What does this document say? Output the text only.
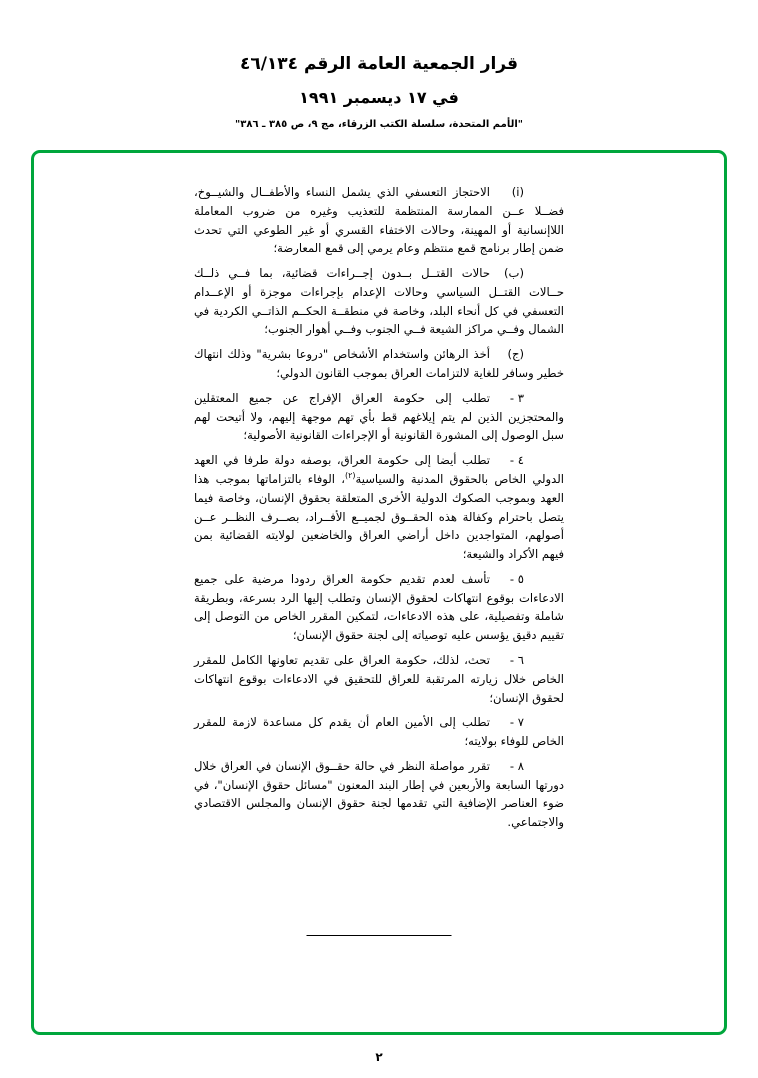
قرار الجمعية العامة الرقم ٤٦/١٣٤
في ١٧ ديسمبر ١٩٩١
"الأمم المتحدة، سلسلة الكتب الزرقاء، مج ٩، ص ٣٨٥ ـ ٣٨٦"

(i)الاحتجاز التعسفي الذي يشمل النساء والأطفــال والشيــوخ، فضــلا عــن الممارسة المنتظمة للتعذيب وغيره من ضروب المعاملة اللاإنسانية أو المهينة، وحالات الاختفاء القسري أو غير الطوعي التي تحدث ضمن إطار برنامج قمع منتظم وعام يرمي إلى قمع المعارضة؛

(ب)حالات القتــل بــدون إجــراءات قضائية، بما فــي ذلــك حــالات القتــل السياسي وحالات الإعدام بإجراءات موجزة أو الإعــدام التعسفي في كل أنحاء البلد، وخاصة في منطقــة الحكــم الذاتــي الكردية في الشمال وفــي مراكز الشيعة فــي الجنوب وفــي أهوار الجنوب؛

(ج)أخذ الرهائن واستخدام الأشخاص "دروعا بشرية" وذلك انتهاك خطير وسافر للغاية لالتزامات العراق بموجب القانون الدولي؛

٣ -تطلب إلى حكومة العراق الإفراج عن جميع المعتقلين والمحتجزين الذين لم يتم إيلاغهم قط بأي تهم موجهة إليهم، ولا أتيحت لهم سبل الوصول إلى المشورة القانونية أو الإجراءات القانونية الأصولية؛

٤ -تطلب أيضا إلى حكومة العراق، بوصفه دولة طرفا في العهد الدولي الخاص بالحقوق المدنية والسياسية$^{(٢)}$، الوفاء بالتزاماتها بموجب هذا العهد وبموجب الصكوك الدولية الأخرى المتعلقة بحقوق الإنسان، وخاصة فيما يتصل باحترام وكفالة هذه الحقــوق لجميــع الأفــراد، بصــرف النظــر عــن أصولهم، المتواجدين داخل أراضي العراق والخاضعين لولايته القضائية بمن فيهم الأكراد والشيعة؛

٥ -تأسف لعدم تقديم حكومة العراق ردودا مرضية على جميع الادعاءات بوقوع انتهاكات لحقوق الإنسان وتطلب إليها الرد بسرعة، وبطريقة شاملة وتفصيلية، على هذه الادعاءات، لتمكين المقرر الخاص من التوصل إلى تقييم دقيق يؤسس عليه توصياته إلى لجنة حقوق الإنسان؛

٦ -تحث، لذلك، حكومة العراق على تقديم تعاونها الكامل للمقرر الخاص خلال زيارته المرتقبة للعراق للتحقيق في الادعاءات بوقوع انتهاكات لحقوق الإنسان؛

٧ -تطلب إلى الأمين العام أن يقدم كل مساعدة لازمة للمقرر الخاص للوفاء بولايته؛

٨ -تقرر مواصلة النظر في حالة حقــوق الإنسان في العراق خلال دورتها السابعة والأربعين في إطار البند المعنون "مسائل حقوق الإنسان"، في ضوء العناصر الإضافية التي تقدمها لجنة حقوق الإنسان والمجلس الاقتصادي والاجتماعي.

٢
